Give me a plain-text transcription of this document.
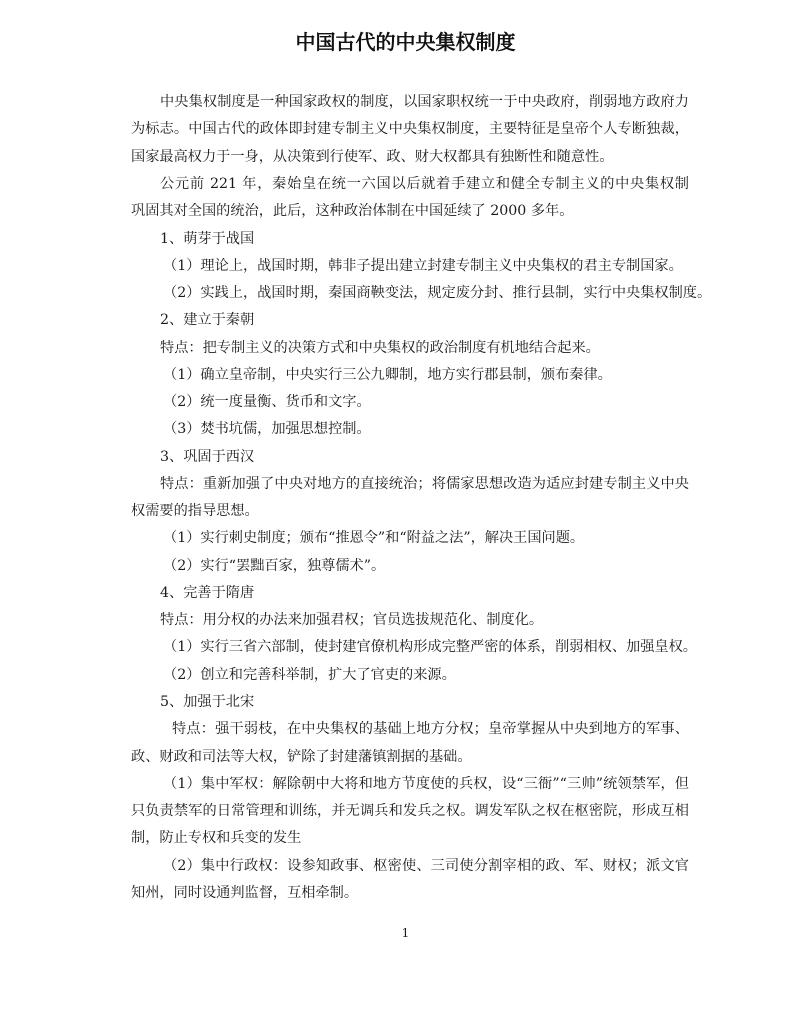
中国古代的中央集权制度
中央集权制度是一种国家政权的制度，以国家职权统一于中央政府，削弱地方政府力
为标志。中国古代的政体即封建专制主义中央集权制度，主要特征是皇帝个人专断独裁，
国家最高权力于一身，从决策到行使军、政、财大权都具有独断性和随意性。
公元前 221 年，秦始皇在统一六国以后就着手建立和健全专制主义的中央集权制
巩固其对全国的统治，此后，这种政治体制在中国延续了 2000 多年。
1、萌芽于战国
（1）理论上，战国时期，韩非子提出建立封建专制主义中央集权的君主专制国家。
（2）实践上，战国时期，秦国商鞅变法，规定废分封、推行县制，实行中央集权制度。
2、建立于秦朝
特点：把专制主义的决策方式和中央集权的政治制度有机地结合起来。
（1）确立皇帝制，中央实行三公九卿制，地方实行郡县制，颁布秦律。
（2）统一度量衡、货币和文字。
（3）焚书坑儒，加强思想控制。
3、巩固于西汉
特点：重新加强了中央对地方的直接统治；将儒家思想改造为适应封建专制主义中央
权需要的指导思想。
（1）实行刺史制度；颁布“推恩令”和“附益之法”，解决王国问题。
（2）实行“罢黜百家，独尊儒术”。
4、完善于隋唐
特点：用分权的办法来加强君权；官员选拔规范化、制度化。
（1）实行三省六部制，使封建官僚机构形成完整严密的体系，削弱相权、加强皇权。
（2）创立和完善科举制，扩大了官吏的来源。
5、加强于北宋
特点：强干弱枝，在中央集权的基础上地方分权；皇帝掌握从中央到地方的军事、
政、财政和司法等大权，铲除了封建藩镇割据的基础。
（1）集中军权：解除朝中大将和地方节度使的兵权，设“三衙”“三帅”统领禁军，但
只负责禁军的日常管理和训练，并无调兵和发兵之权。调发军队之权在枢密院，形成互相
制，防止专权和兵变的发生
（2）集中行政权：设参知政事、枢密使、三司使分割宰相的政、军、财权；派文官
知州，同时设通判监督，互相牵制。
1
